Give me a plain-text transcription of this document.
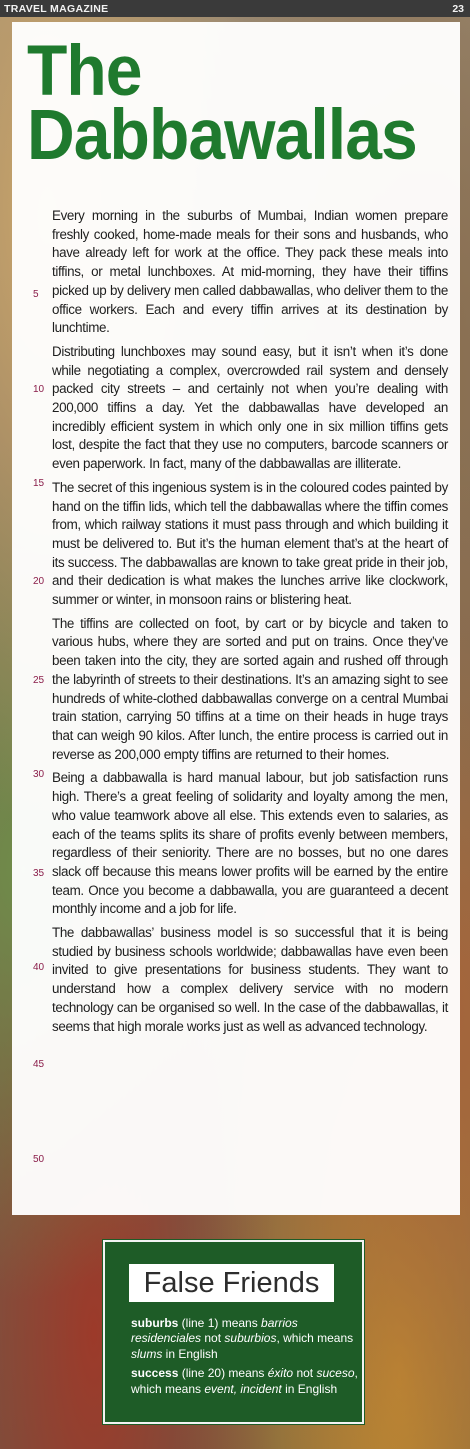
TRAVEL MAGAZINE	23
The
Dabbawallas
5
10
15
20
25
30
35
40
45
50

Every morning in the suburbs of Mumbai, Indian women prepare freshly cooked, home-made meals for their sons and husbands, who have already left for work at the office. They pack these meals into tiffins, or metal lunchboxes. At mid-morning, they have their tiffins picked up by delivery men called dabbawallas, who deliver them to the office workers. Each and every tiffin arrives at its destination by lunchtime.

Distributing lunchboxes may sound easy, but it isn’t when it’s done while negotiating a complex, overcrowded rail system and densely packed city streets – and certainly not when you’re dealing with 200,000 tiffins a day. Yet the dabbawallas have developed an incredibly efficient system in which only one in six million tiffins gets lost, despite the fact that they use no computers, barcode scanners or even paperwork. In fact, many of the dabbawallas are illiterate.

The secret of this ingenious system is in the coloured codes painted by hand on the tiffin lids, which tell the dabbawallas where the tiffin comes from, which railway stations it must pass through and which building it must be delivered to. But it’s the human element that’s at the heart of its success. The dabbawallas are known to take great pride in their job, and their dedication is what makes the lunches arrive like clockwork, summer or winter, in monsoon rains or blistering heat.

The tiffins are collected on foot, by cart or by bicycle and taken to various hubs, where they are sorted and put on trains. Once they’ve been taken into the city, they are sorted again and rushed off through the labyrinth of streets to their destinations. It’s an amazing sight to see hundreds of white-clothed dabbawallas converge on a central Mumbai train station, carrying 50 tiffins at a time on their heads in huge trays that can weigh 90 kilos. After lunch, the entire process is carried out in reverse as 200,000 empty tiffins are returned to their homes.

Being a dabbawalla is hard manual labour, but job satisfaction runs high. There’s a great feeling of solidarity and loyalty among the men, who value teamwork above all else. This extends even to salaries, as each of the teams splits its share of profits evenly between members, regardless of their seniority. There are no bosses, but no one dares slack off because this means lower profits will be earned by the entire team. Once you become a dabbawalla, you are guaranteed a decent monthly income and a job for life.

The dabbawallas’ business model is so successful that it is being studied by business schools worldwide; dabbawallas have even been invited to give presentations for business students. They want to understand how a complex delivery service with no modern technology can be organised so well. In the case of the dabbawallas, it seems that high morale works just as well as advanced technology.

False Friends

suburbs (line 1) means barrios residenciales not suburbios, which means slums in English

success (line 20) means éxito not suceso, which means event, incident in English
